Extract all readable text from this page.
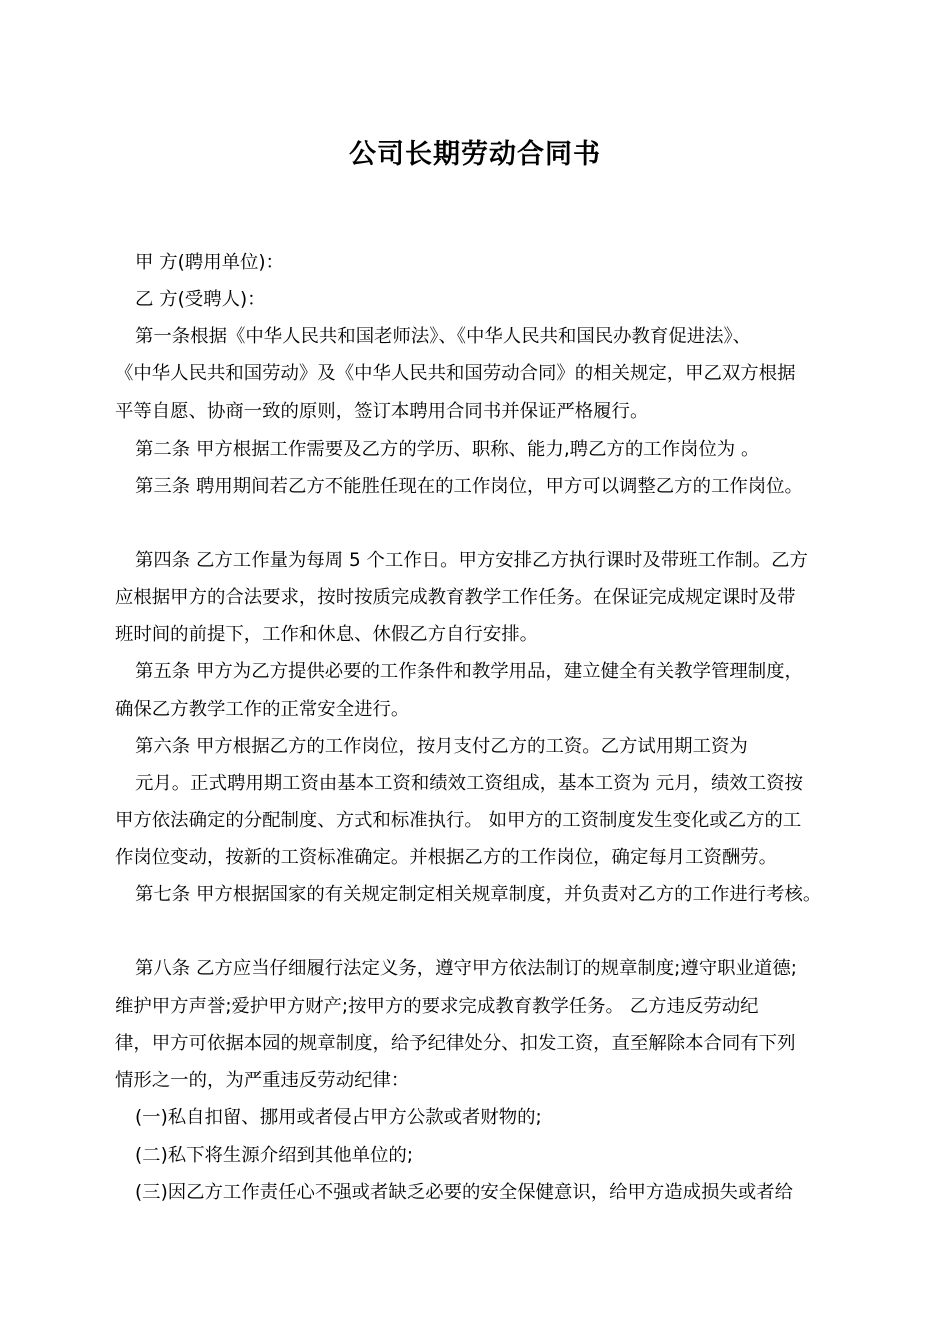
公司长期劳动合同书
甲 方(聘用单位)：
乙 方(受聘人)：
第一条根据《中华人民共和国老师法》、《中华人民共和国民办教育促进法》、
《中华人民共和国劳动》及《中华人民共和国劳动合同》的相关规定，甲乙双方根据
平等自愿、协商一致的原则，签订本聘用合同书并保证严格履行。
第二条 甲方根据工作需要及乙方的学历、职称、能力,聘乙方的工作岗位为 。
第三条 聘用期间若乙方不能胜任现在的工作岗位，甲方可以调整乙方的工作岗位。
第四条 乙方工作量为每周 5 个工作日。甲方安排乙方执行课时及带班工作制。乙方
应根据甲方的合法要求，按时按质完成教育教学工作任务。在保证完成规定课时及带
班时间的前提下，工作和休息、休假乙方自行安排。
第五条 甲方为乙方提供必要的工作条件和教学用品，建立健全有关教学管理制度，
确保乙方教学工作的正常安全进行。
第六条 甲方根据乙方的工作岗位，按月支付乙方的工资。乙方试用期工资为
元月。正式聘用期工资由基本工资和绩效工资组成，基本工资为 元月，绩效工资按
甲方依法确定的分配制度、方式和标准执行。 如甲方的工资制度发生变化或乙方的工
作岗位变动，按新的工资标准确定。并根据乙方的工作岗位，确定每月工资酬劳。
第七条 甲方根据国家的有关规定制定相关规章制度，并负责对乙方的工作进行考核。
第八条 乙方应当仔细履行法定义务，遵守甲方依法制订的规章制度;遵守职业道德;
维护甲方声誉;爱护甲方财产;按甲方的要求完成教育教学任务。 乙方违反劳动纪
律，甲方可依据本园的规章制度，给予纪律处分、扣发工资，直至解除本合同有下列
情形之一的，为严重违反劳动纪律：
(一)私自扣留、挪用或者侵占甲方公款或者财物的;
(二)私下将生源介绍到其他单位的;
(三)因乙方工作责任心不强或者缺乏必要的安全保健意识，给甲方造成损失或者给
